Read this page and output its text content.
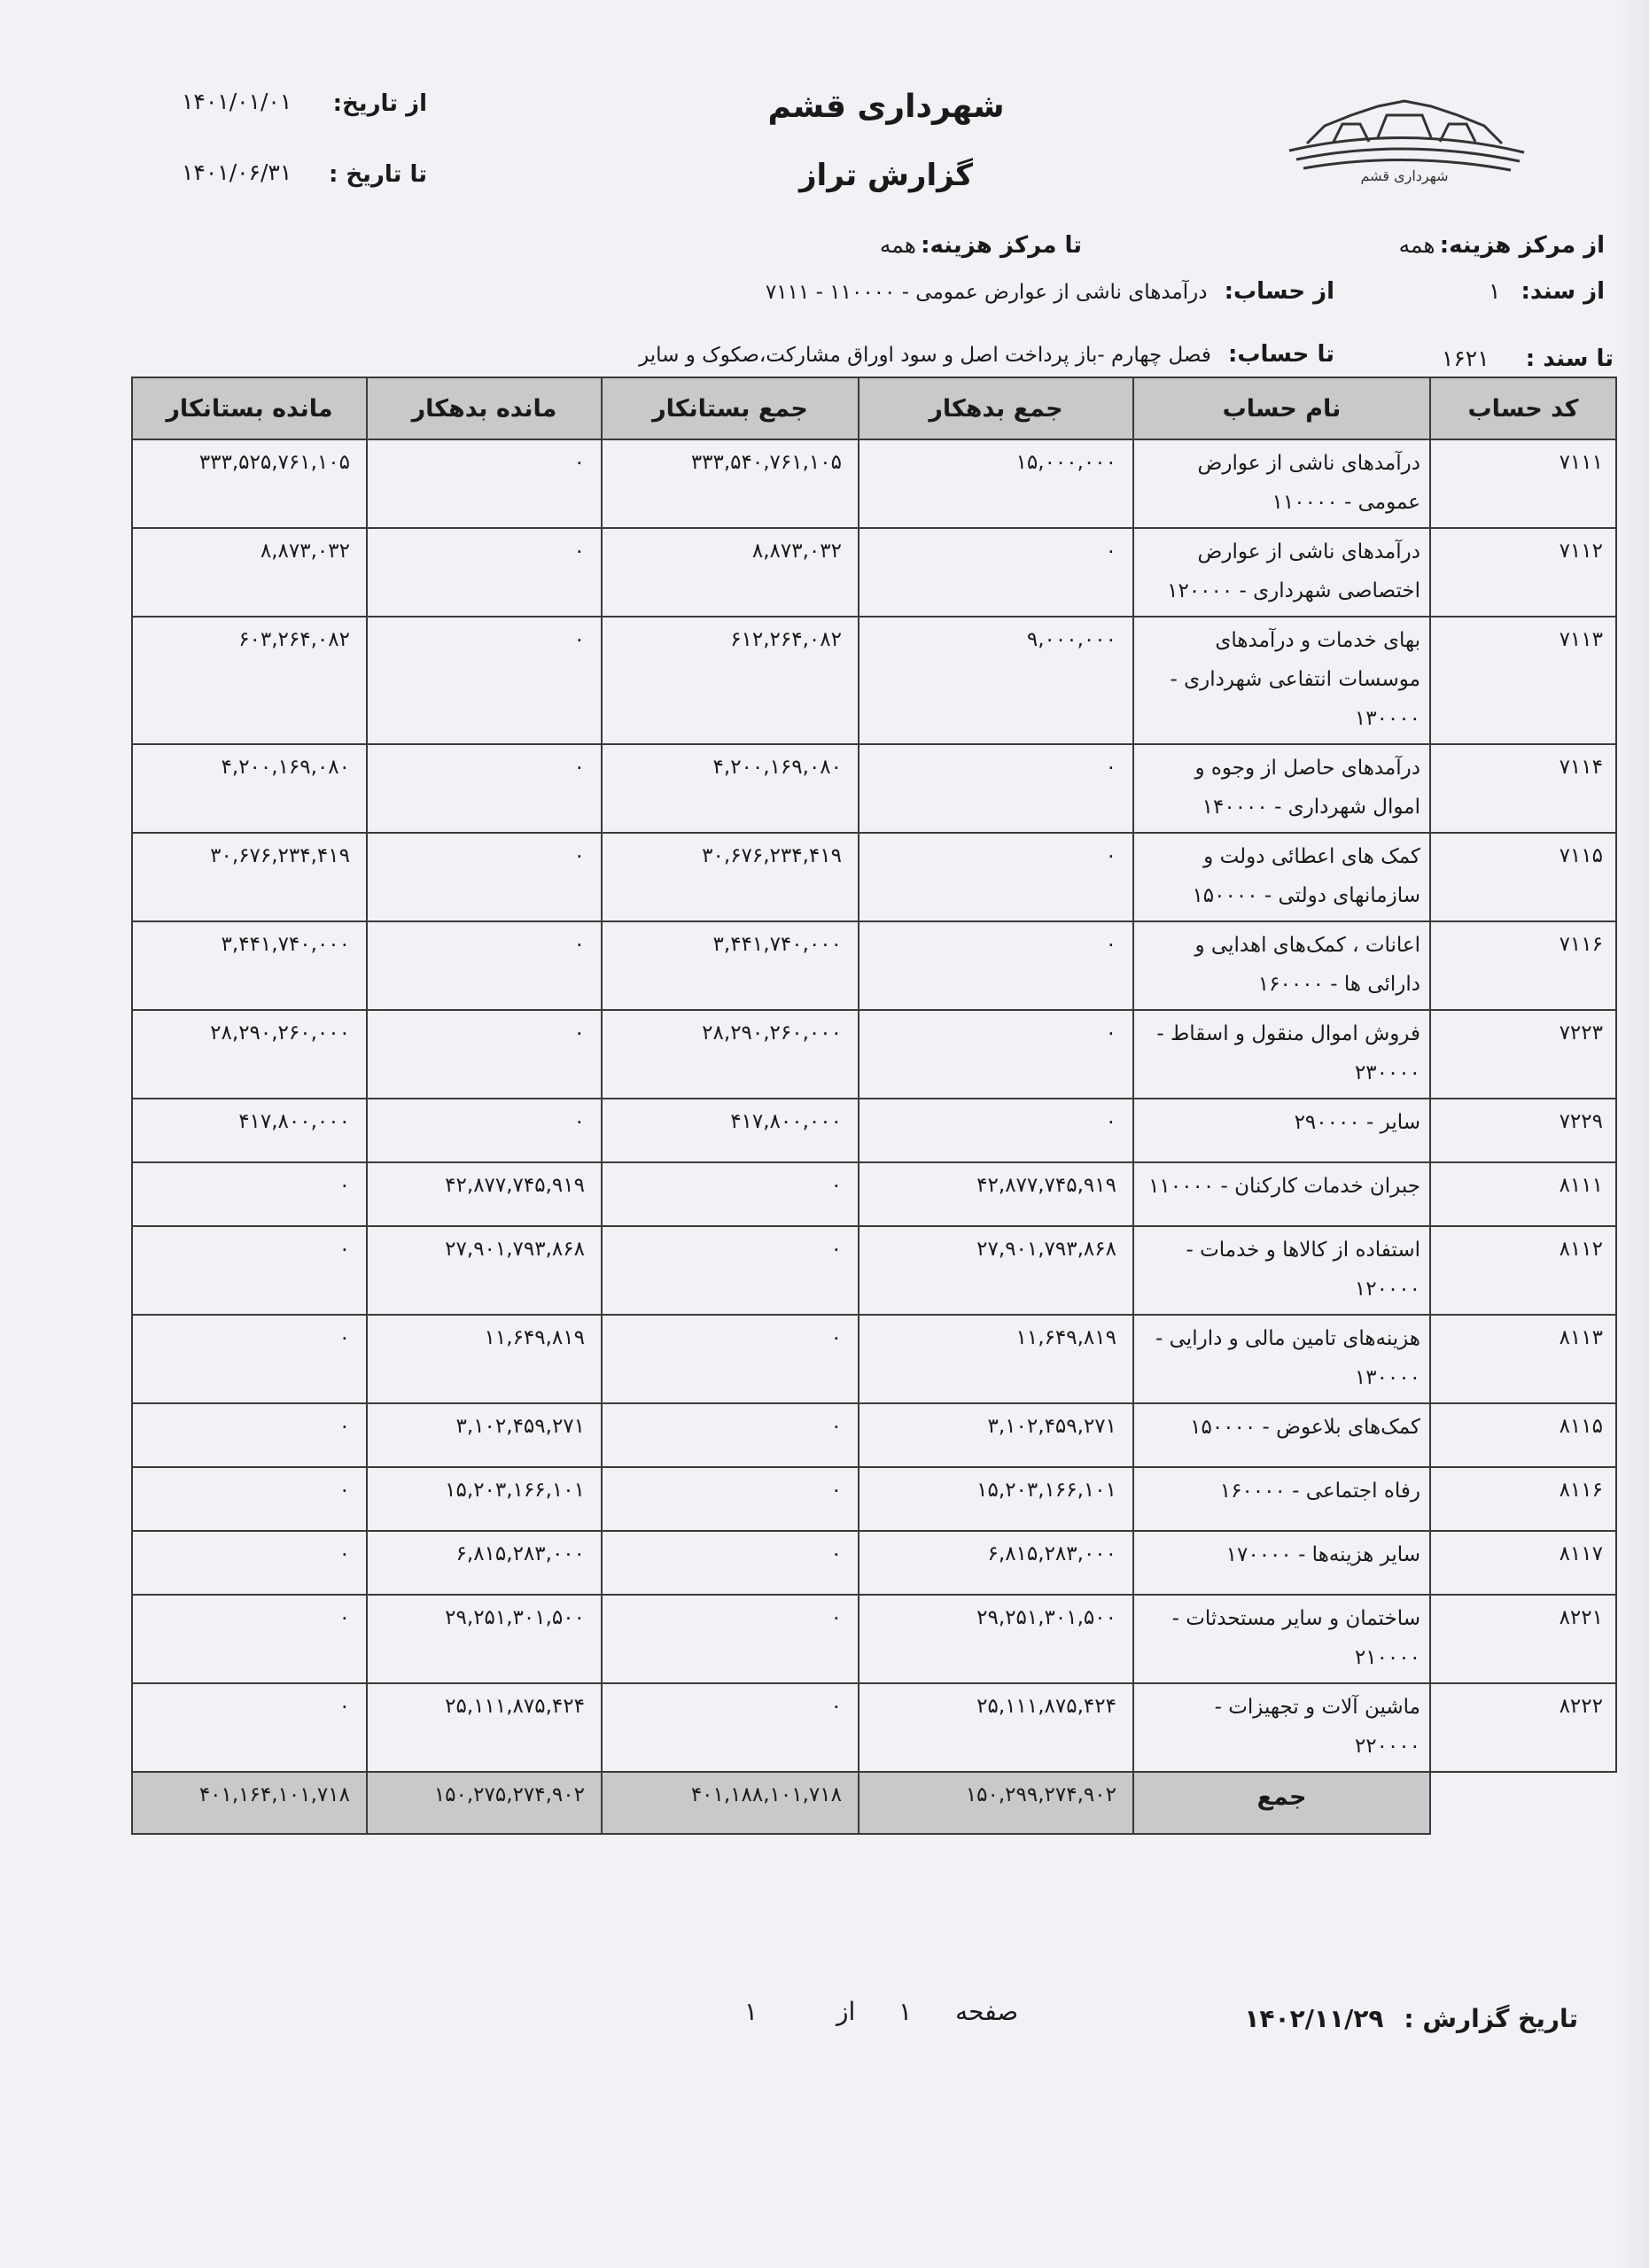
شهرداری قشم
شهرداری قشم
گزارش تراز
از تاریخ:
۱۴۰۱/۰۱/۰۱
تا تاریخ :
۱۴۰۱/۰۶/۳۱
از مرکز هزینه: همه
تا مرکز هزینه: همه
از سند: ۱
از حساب: درآمدهای ناشی از عوارض عمومی - ۱۱۰۰۰۰ - ۷۱۱۱
تا سند : ۱۶۲۱
تا حساب: فصل چهارم -باز پرداخت اصل و سود اوراق مشارکت،صکوک و سایر
کد حساب	نام حساب	جمع بدهکار	جمع بستانکار	مانده بدهکار	مانده بستانکار
۷۱۱۱	درآمدهای ناشی از عوارض عمومی - ۱۱۰۰۰۰	۱۵,۰۰۰,۰۰۰	۳۳۳,۵۴۰,۷۶۱,۱۰۵	۰	۳۳۳,۵۲۵,۷۶۱,۱۰۵
۷۱۱۲	درآمدهای ناشی از عوارض اختصاصی شهرداری - ۱۲۰۰۰۰	۰	۸,۸۷۳,۰۳۲	۰	۸,۸۷۳,۰۳۲
۷۱۱۳	بهای خدمات و درآمدهای موسسات انتفاعی شهرداری - ۱۳۰۰۰۰	۹,۰۰۰,۰۰۰	۶۱۲,۲۶۴,۰۸۲	۰	۶۰۳,۲۶۴,۰۸۲
۷۱۱۴	درآمدهای حاصل از وجوه و اموال شهرداری - ۱۴۰۰۰۰	۰	۴,۲۰۰,۱۶۹,۰۸۰	۰	۴,۲۰۰,۱۶۹,۰۸۰
۷۱۱۵	کمک های اعطائی دولت و سازمانهای دولتی - ۱۵۰۰۰۰	۰	۳۰,۶۷۶,۲۳۴,۴۱۹	۰	۳۰,۶۷۶,۲۳۴,۴۱۹
۷۱۱۶	اعانات ، کمک‌های اهدایی و دارائی ها - ۱۶۰۰۰۰	۰	۳,۴۴۱,۷۴۰,۰۰۰	۰	۳,۴۴۱,۷۴۰,۰۰۰
۷۲۲۳	فروش اموال منقول و اسقاط - ۲۳۰۰۰۰	۰	۲۸,۲۹۰,۲۶۰,۰۰۰	۰	۲۸,۲۹۰,۲۶۰,۰۰۰
۷۲۲۹	سایر - ۲۹۰۰۰۰	۰	۴۱۷,۸۰۰,۰۰۰	۰	۴۱۷,۸۰۰,۰۰۰
۸۱۱۱	جبران خدمات کارکنان - ۱۱۰۰۰۰	۴۲,۸۷۷,۷۴۵,۹۱۹	۰	۴۲,۸۷۷,۷۴۵,۹۱۹	۰
۸۱۱۲	استفاده از کالاها و خدمات - ۱۲۰۰۰۰	۲۷,۹۰۱,۷۹۳,۸۶۸	۰	۲۷,۹۰۱,۷۹۳,۸۶۸	۰
۸۱۱۳	هزینه‌های تامین مالی و دارایی - ۱۳۰۰۰۰	۱۱,۶۴۹,۸۱۹	۰	۱۱,۶۴۹,۸۱۹	۰
۸۱۱۵	کمک‌های بلاعوض - ۱۵۰۰۰۰	۳,۱۰۲,۴۵۹,۲۷۱	۰	۳,۱۰۲,۴۵۹,۲۷۱	۰
۸۱۱۶	رفاه اجتماعی - ۱۶۰۰۰۰	۱۵,۲۰۳,۱۶۶,۱۰۱	۰	۱۵,۲۰۳,۱۶۶,۱۰۱	۰
۸۱۱۷	سایر هزینه‌ها - ۱۷۰۰۰۰	۶,۸۱۵,۲۸۳,۰۰۰	۰	۶,۸۱۵,۲۸۳,۰۰۰	۰
۸۲۲۱	ساختمان و سایر مستحدثات - ۲۱۰۰۰۰	۲۹,۲۵۱,۳۰۱,۵۰۰	۰	۲۹,۲۵۱,۳۰۱,۵۰۰	۰
۸۲۲۲	ماشین آلات و تجهیزات - ۲۲۰۰۰۰	۲۵,۱۱۱,۸۷۵,۴۲۴	۰	۲۵,۱۱۱,۸۷۵,۴۲۴	۰
	جمع	۱۵۰,۲۹۹,۲۷۴,۹۰۲	۴۰۱,۱۸۸,۱۰۱,۷۱۸	۱۵۰,۲۷۵,۲۷۴,۹۰۲	۴۰۱,۱۶۴,۱۰۱,۷۱۸
تاریخ گزارش : ۱۴۰۲/۱۱/۲۹
صفحه ۱ از ۱
